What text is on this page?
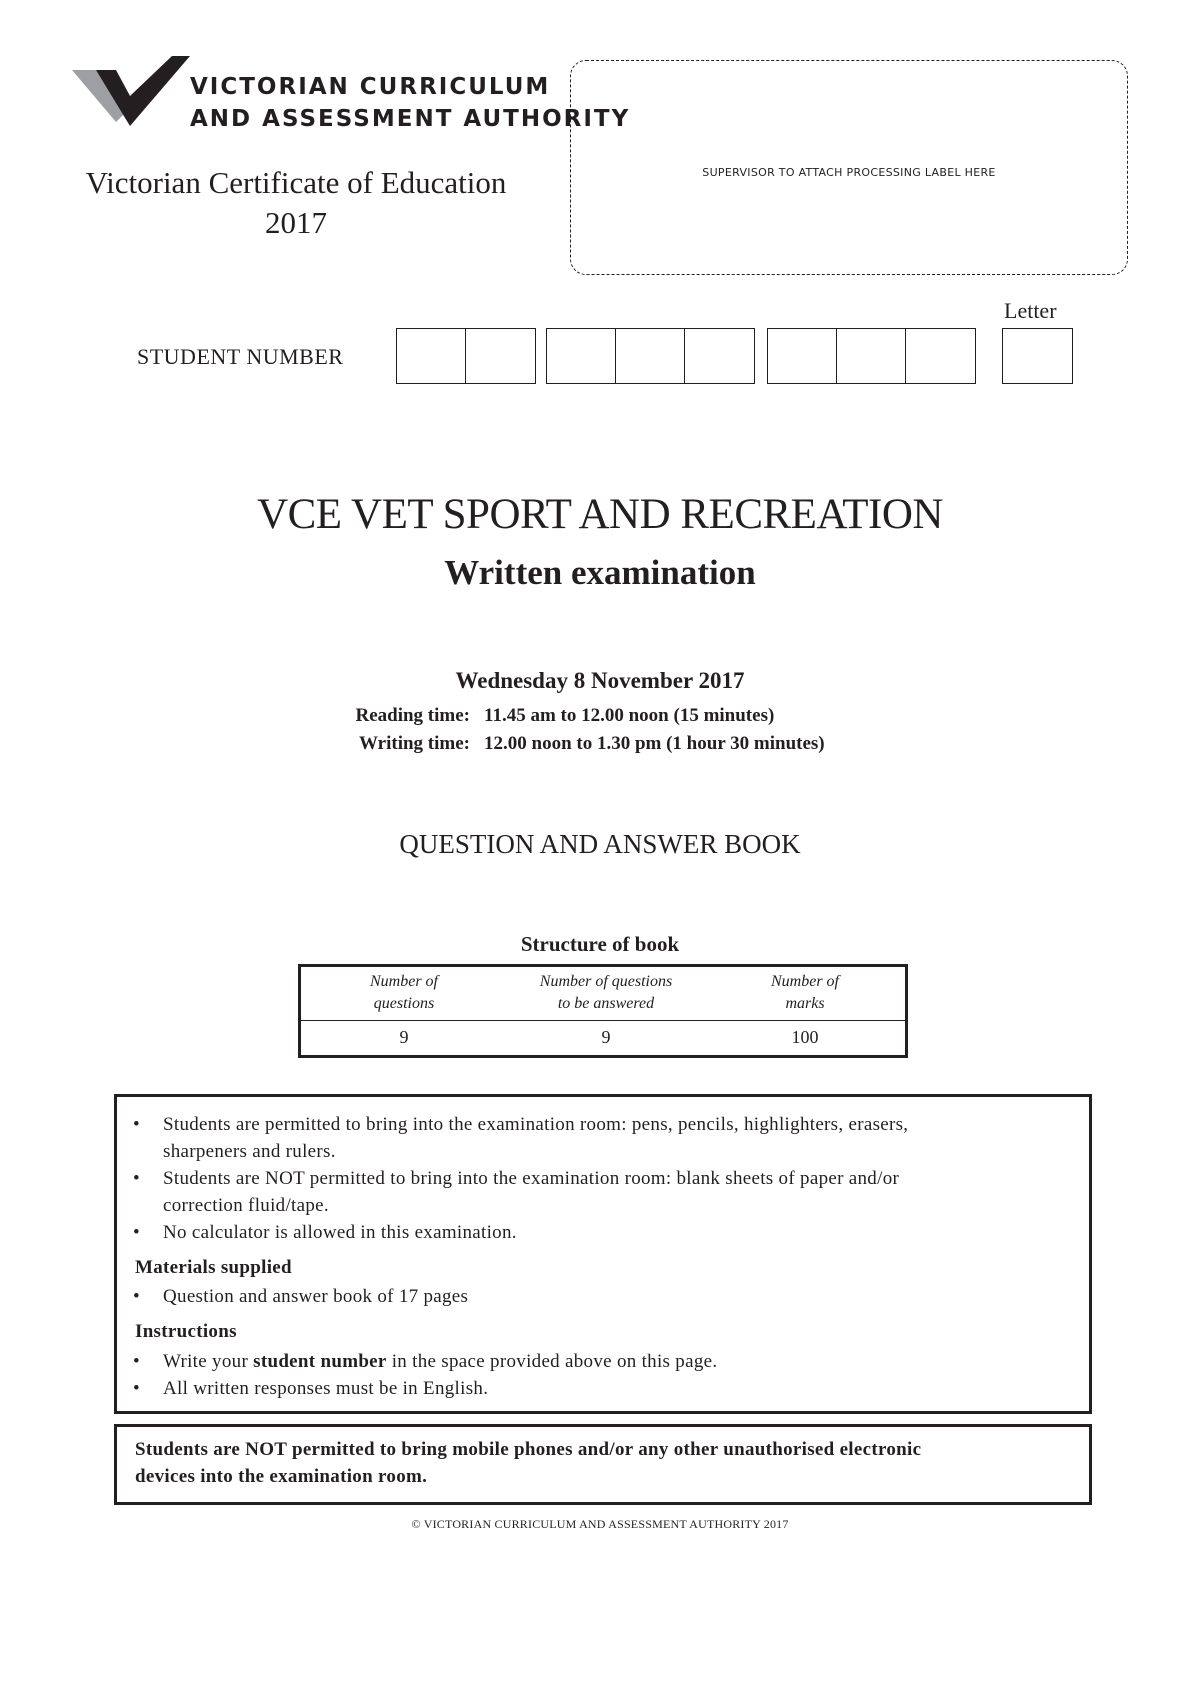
VICTORIAN CURRICULUM
AND ASSESSMENT AUTHORITY
Victorian Certificate of Education
2017
SUPERVISOR TO ATTACH PROCESSING LABEL HERE
STUDENT NUMBER
Letter
VCE VET SPORT AND RECREATION
Written examination
Wednesday 8 November 2017
Reading time: 11.45 am to 12.00 noon (15 minutes)
Writing time: 12.00 noon to 1.30 pm (1 hour 30 minutes)
QUESTION AND ANSWER BOOK
Structure of book
Number of
questions
Number of questions
to be answered
Number of
marks
9	9	100
• Students are permitted to bring into the examination room: pens, pencils, highlighters, erasers,
sharpeners and rulers.
• Students are NOT permitted to bring into the examination room: blank sheets of paper and/or
correction fluid/tape.
• No calculator is allowed in this examination.
Materials supplied
• Question and answer book of 17 pages
Instructions
• Write your student number in the space provided above on this page.
• All written responses must be in English.
Students are NOT permitted to bring mobile phones and/or any other unauthorised electronic
devices into the examination room.
© VICTORIAN CURRICULUM AND ASSESSMENT AUTHORITY 2017
